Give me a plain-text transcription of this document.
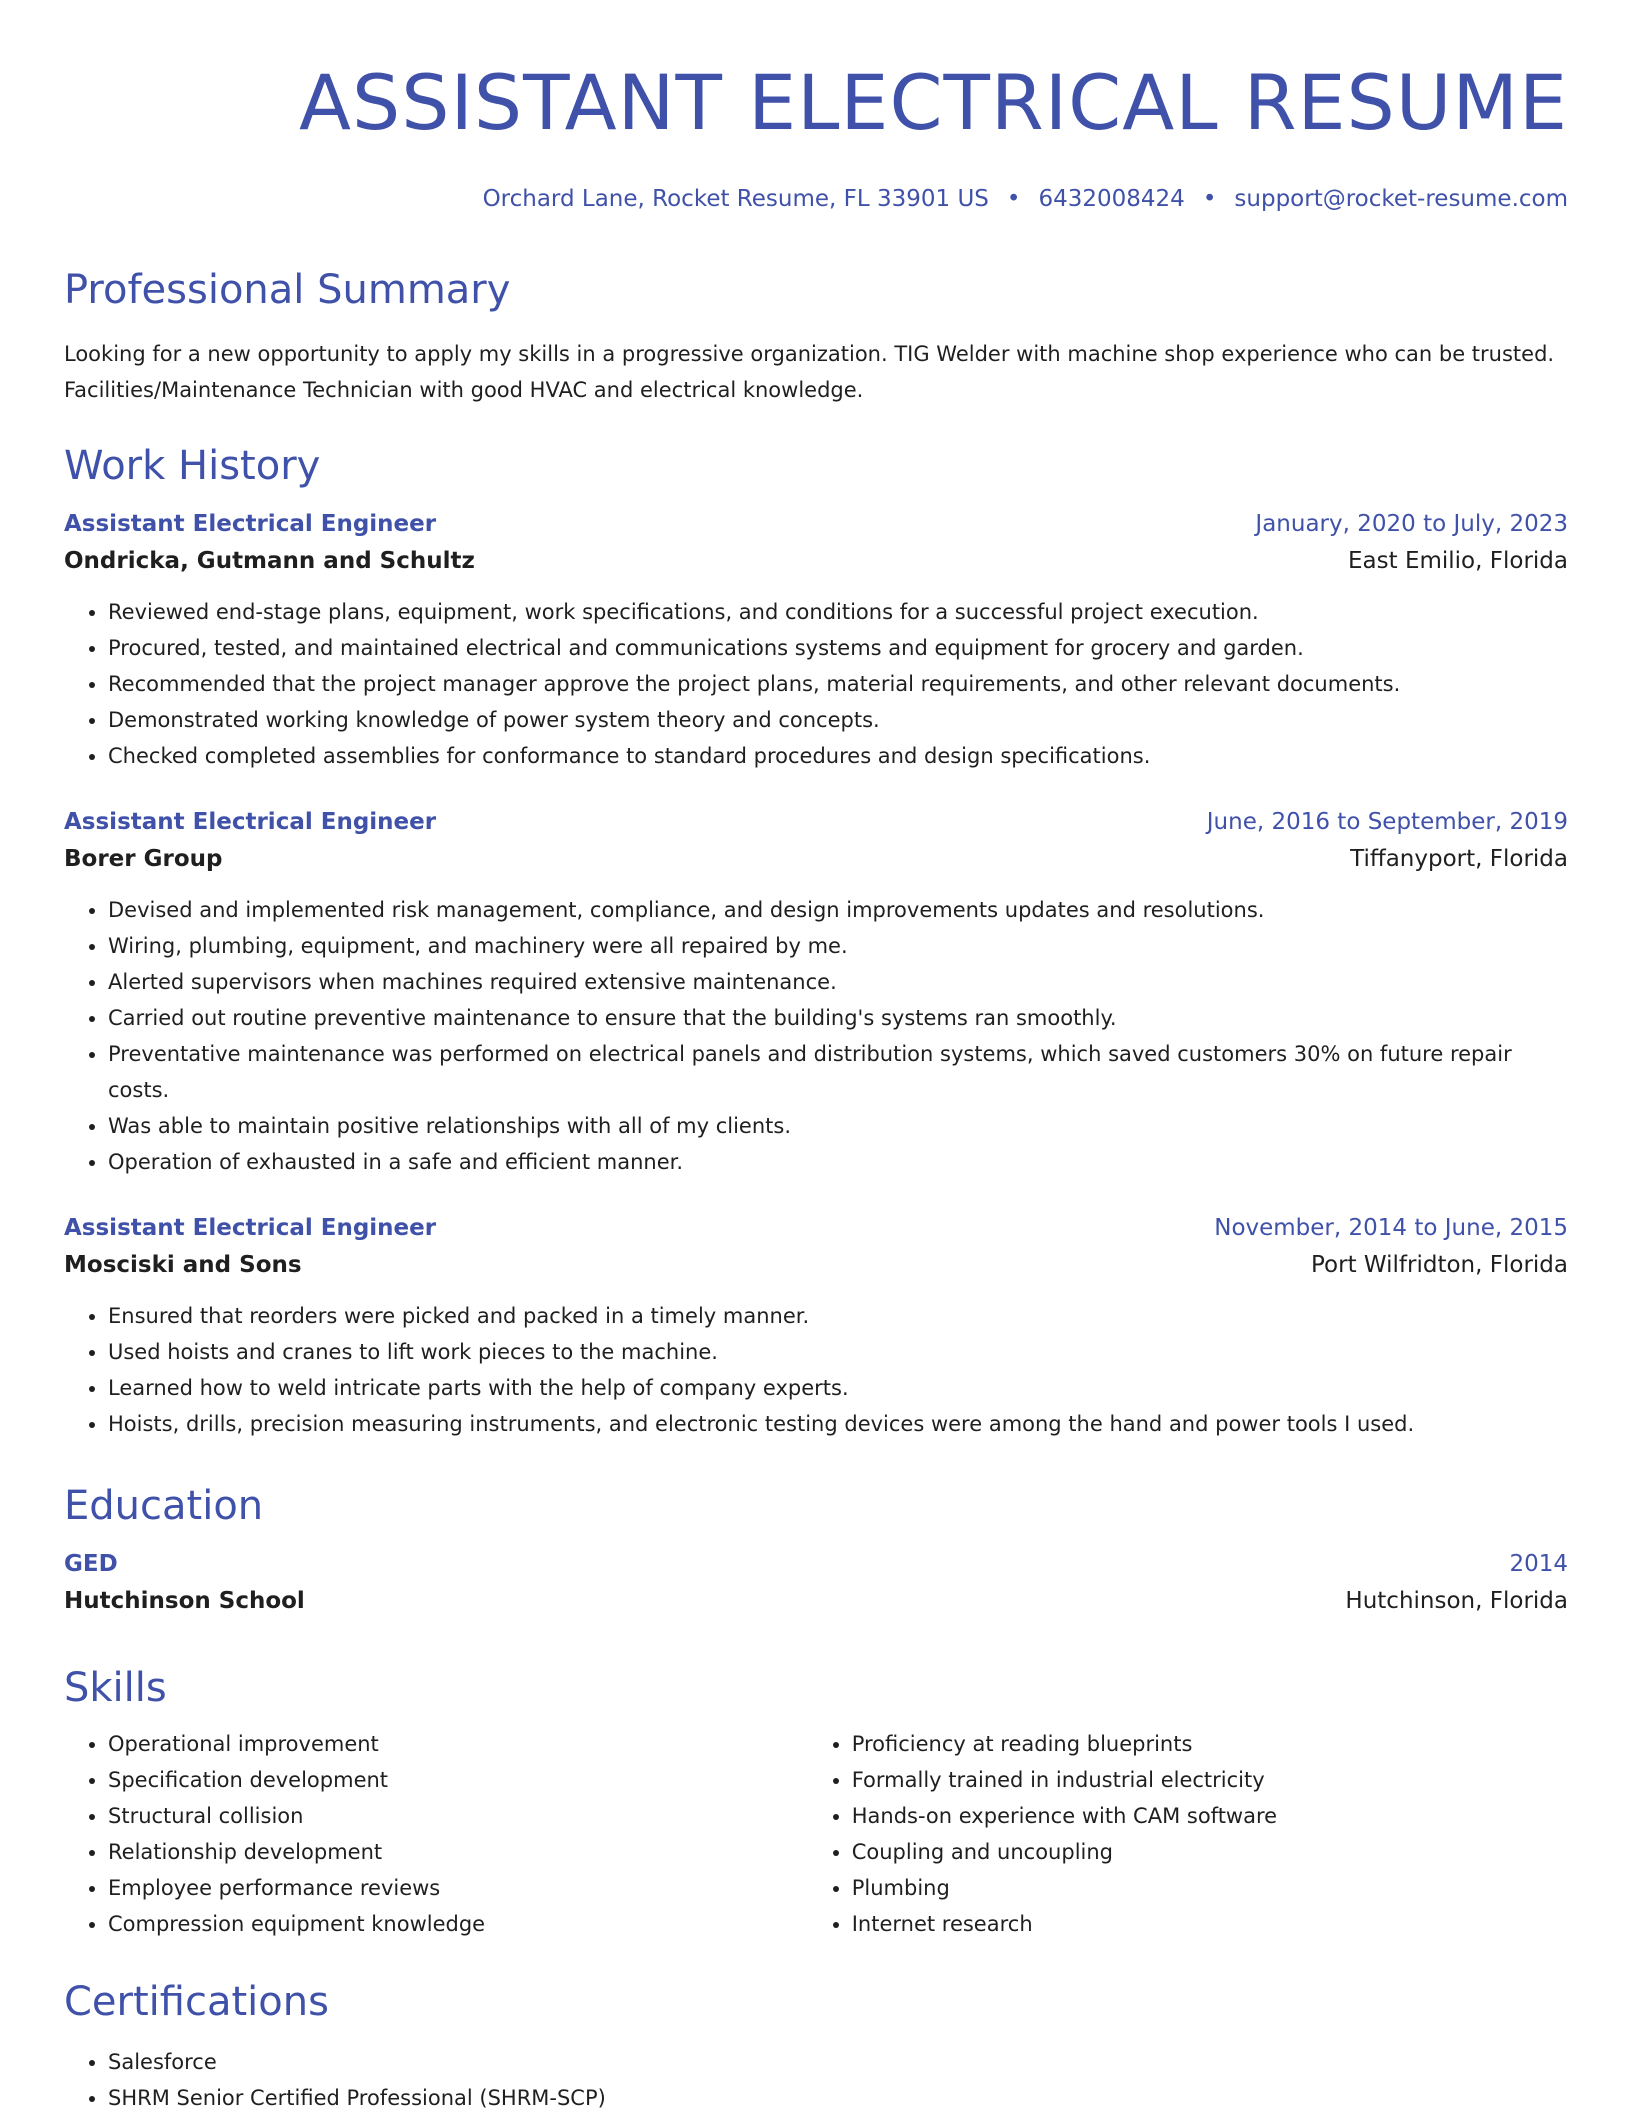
ASSISTANT ELECTRICAL RESUME
Orchard Lane, Rocket Resume, FL 33901 US • 6432008424 • support@rocket-resume.com
Professional Summary
Looking for a new opportunity to apply my skills in a progressive organization. TIG Welder with machine shop experience who can be trusted. Facilities/Maintenance Technician with good HVAC and electrical knowledge.
Work History
Assistant Electrical Engineer	January, 2020 to July, 2023
Ondricka, Gutmann and Schultz	East Emilio, Florida
• Reviewed end-stage plans, equipment, work specifications, and conditions for a successful project execution.
• Procured, tested, and maintained electrical and communications systems and equipment for grocery and garden.
• Recommended that the project manager approve the project plans, material requirements, and other relevant documents.
• Demonstrated working knowledge of power system theory and concepts.
• Checked completed assemblies for conformance to standard procedures and design specifications.
Assistant Electrical Engineer	June, 2016 to September, 2019
Borer Group	Tiffanyport, Florida
• Devised and implemented risk management, compliance, and design improvements updates and resolutions.
• Wiring, plumbing, equipment, and machinery were all repaired by me.
• Alerted supervisors when machines required extensive maintenance.
• Carried out routine preventive maintenance to ensure that the building's systems ran smoothly.
• Preventative maintenance was performed on electrical panels and distribution systems, which saved customers 30% on future repair costs.
• Was able to maintain positive relationships with all of my clients.
• Operation of exhausted in a safe and efficient manner.
Assistant Electrical Engineer	November, 2014 to June, 2015
Mosciski and Sons	Port Wilfridton, Florida
• Ensured that reorders were picked and packed in a timely manner.
• Used hoists and cranes to lift work pieces to the machine.
• Learned how to weld intricate parts with the help of company experts.
• Hoists, drills, precision measuring instruments, and electronic testing devices were among the hand and power tools I used.
Education
GED	2014
Hutchinson School	Hutchinson, Florida
Skills
• Operational improvement
• Specification development
• Structural collision
• Relationship development
• Employee performance reviews
• Compression equipment knowledge
• Proficiency at reading blueprints
• Formally trained in industrial electricity
• Hands-on experience with CAM software
• Coupling and uncoupling
• Plumbing
• Internet research
Certifications
• Salesforce
• SHRM Senior Certified Professional (SHRM-SCP)
